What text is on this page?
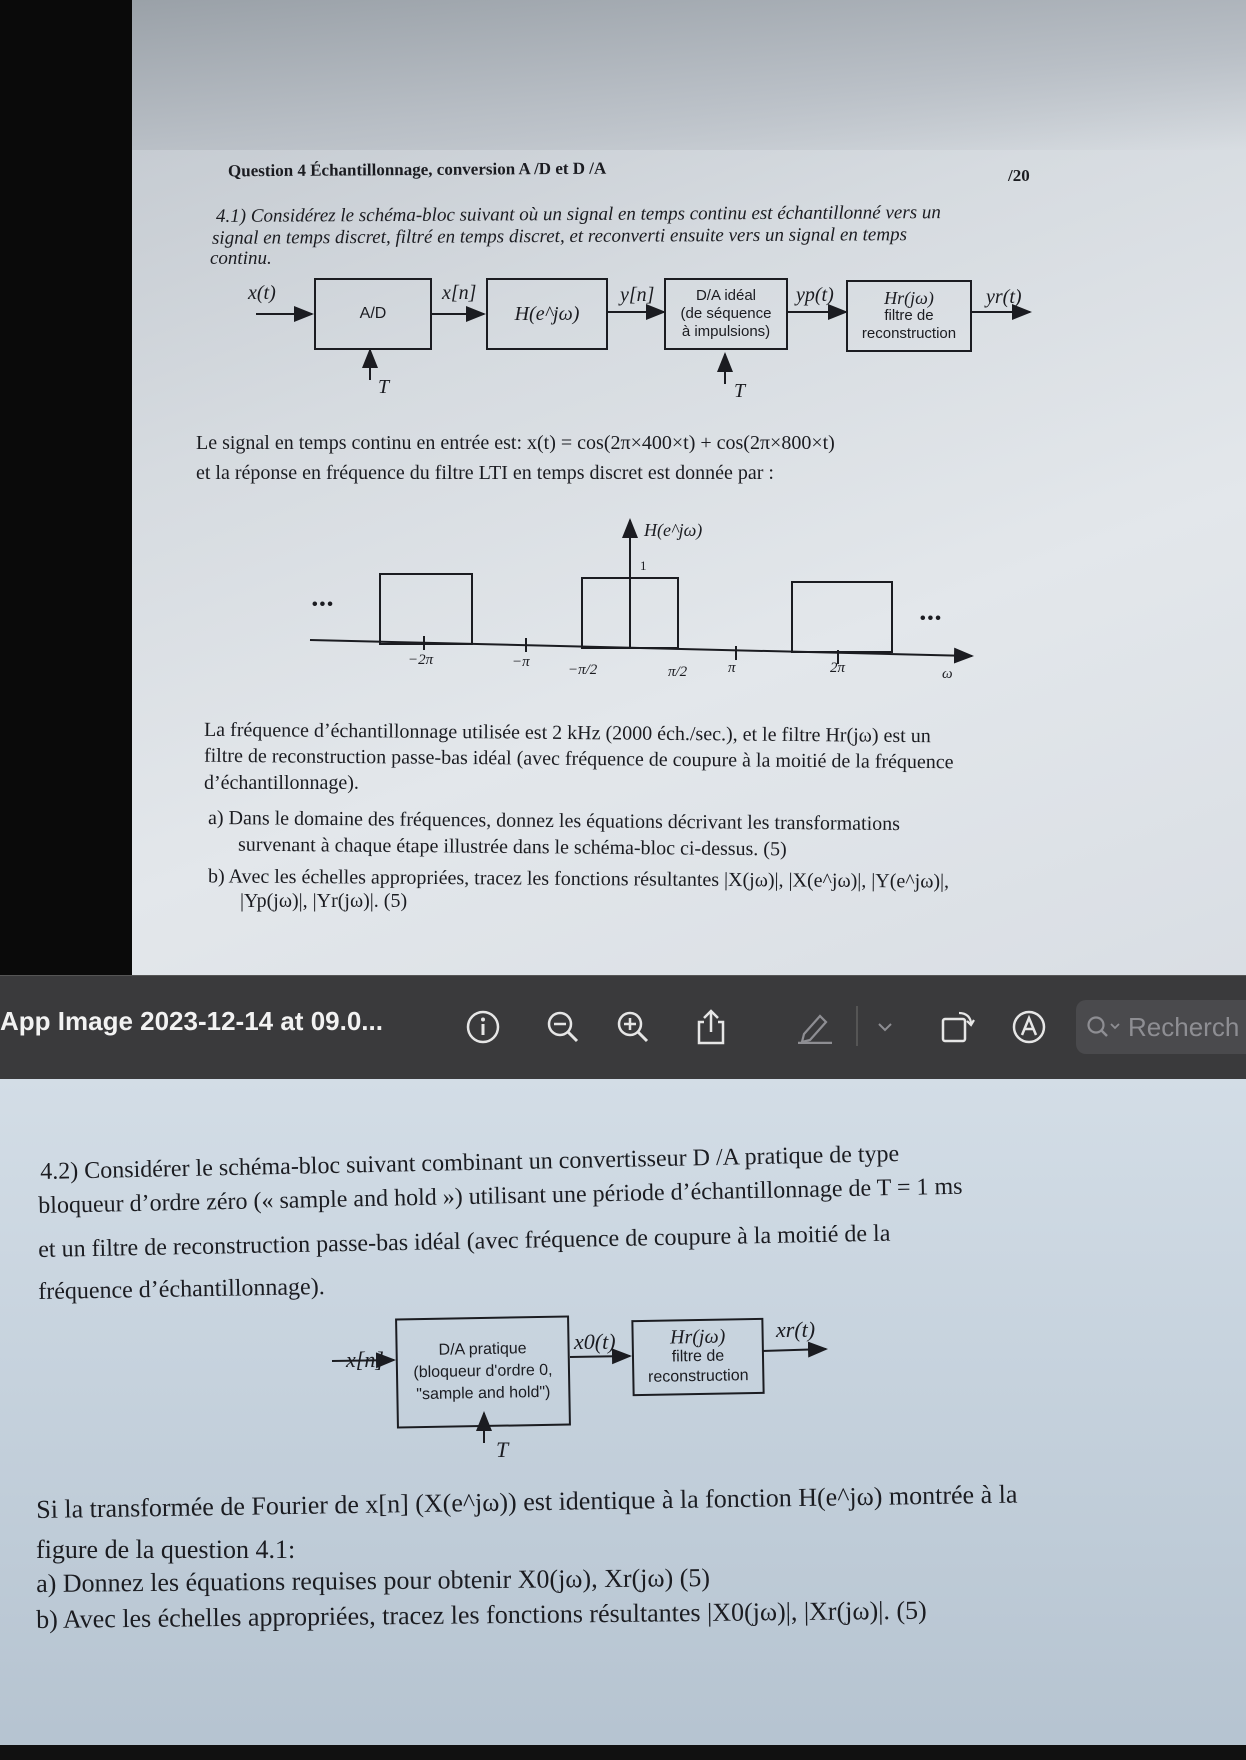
Question 4 Échantillonnage, conversion A /D et D /A	/20
4.1) Considérez le schéma-bloc suivant où un signal en temps continu est échantillonné vers un
signal en temps discret, filtré en temps discret, et reconverti ensuite vers un signal en temps
continu.
x(t)	x[n]	y[n]	yp(t)	yr(t)
A/D	H(e^jω)
D/A idéal
(de séquence
à impulsions)
Hr(jω)
filtre de
reconstruction
T	T
Le signal en temps continu en entrée est: x(t) = cos(2π×400×t) + cos(2π×800×t)
et la réponse en fréquence du filtre LTI en temps discret est donnée par :
H(e^jω)
1
•••
•••
−2π	−π	−π/2	π/2	π	2π	ω
La fréquence d’échantillonnage utilisée est 2 kHz (2000 éch./sec.), et le filtre Hr(jω) est un
filtre de reconstruction passe-bas idéal (avec fréquence de coupure à la moitié de la fréquence
d’échantillonnage).
a) Dans le domaine des fréquences, donnez les équations décrivant les transformations
survenant à chaque étape illustrée dans le schéma-bloc ci-dessus. (5)
b) Avec les échelles appropriées, tracez les fonctions résultantes |X(jω)|, |X(e^jω)|, |Y(e^jω)|,
|Yp(jω)|, |Yr(jω)|. (5)
App Image 2023-12-14 at 09.0...	Recherch
4.2) Considérer le schéma-bloc suivant combinant un convertisseur D /A pratique de type
bloqueur d’ordre zéro (« sample and hold ») utilisant une période d’échantillonnage de T = 1 ms
et un filtre de reconstruction passe-bas idéal (avec fréquence de coupure à la moitié de la
fréquence d’échantillonnage).
x[n]
x0(t)	xr(t)
D/A pratique
(bloqueur d'ordre 0,
"sample and hold")
Hr(jω)
filtre de
reconstruction
T
Si la transformée de Fourier de x[n] (X(e^jω)) est identique à la fonction H(e^jω) montrée à la
figure de la question 4.1:
a) Donnez les équations requises pour obtenir X0(jω), Xr(jω) (5)
b) Avec les échelles appropriées, tracez les fonctions résultantes |X0(jω)|, |Xr(jω)|. (5)
